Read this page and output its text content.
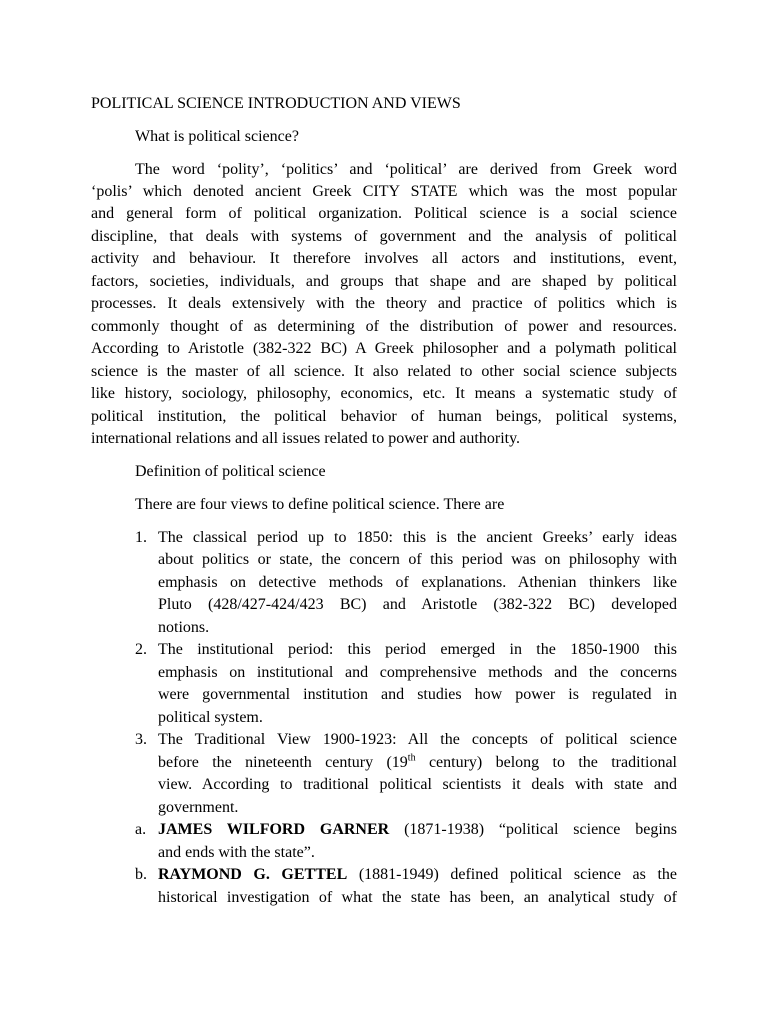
POLITICAL SCIENCE INTRODUCTION AND VIEWS
What is political science?
The word ‘polity’, ‘politics’ and ‘political’ are derived from Greek word
‘polis’ which denoted ancient Greek CITY STATE which was the most popular
and general form of political organization. Political science is a social science
discipline, that deals with systems of government and the analysis of political
activity and behaviour. It therefore involves all actors and institutions, event,
factors, societies, individuals, and groups that shape and are shaped by political
processes. It deals extensively with the theory and practice of politics which is
commonly thought of as determining of the distribution of power and resources.
According to Aristotle (382-322 BC) A Greek philosopher and a polymath political
science is the master of all science. It also related to other social science subjects
like history, sociology, philosophy, economics, etc. It means a systematic study of
political institution, the political behavior of human beings, political systems,
international relations and all issues related to power and authority.
Definition of political science
There are four views to define political science. There are
1. The classical period up to 1850: this is the ancient Greeks’ early ideas
about politics or state, the concern of this period was on philosophy with
emphasis on detective methods of explanations. Athenian thinkers like
Pluto (428/427-424/423 BC) and Aristotle (382-322 BC) developed
notions.
2. The institutional period: this period emerged in the 1850-1900 this
emphasis on institutional and comprehensive methods and the concerns
were governmental institution and studies how power is regulated in
political system.
3. The Traditional View 1900-1923: All the concepts of political science
before the nineteenth century (19th century) belong to the traditional
view. According to traditional political scientists it deals with state and
government.
a. JAMES WILFORD GARNER (1871-1938) “political science begins
and ends with the state”.
b. RAYMOND G. GETTEL (1881-1949) defined political science as the
historical investigation of what the state has been, an analytical study of
